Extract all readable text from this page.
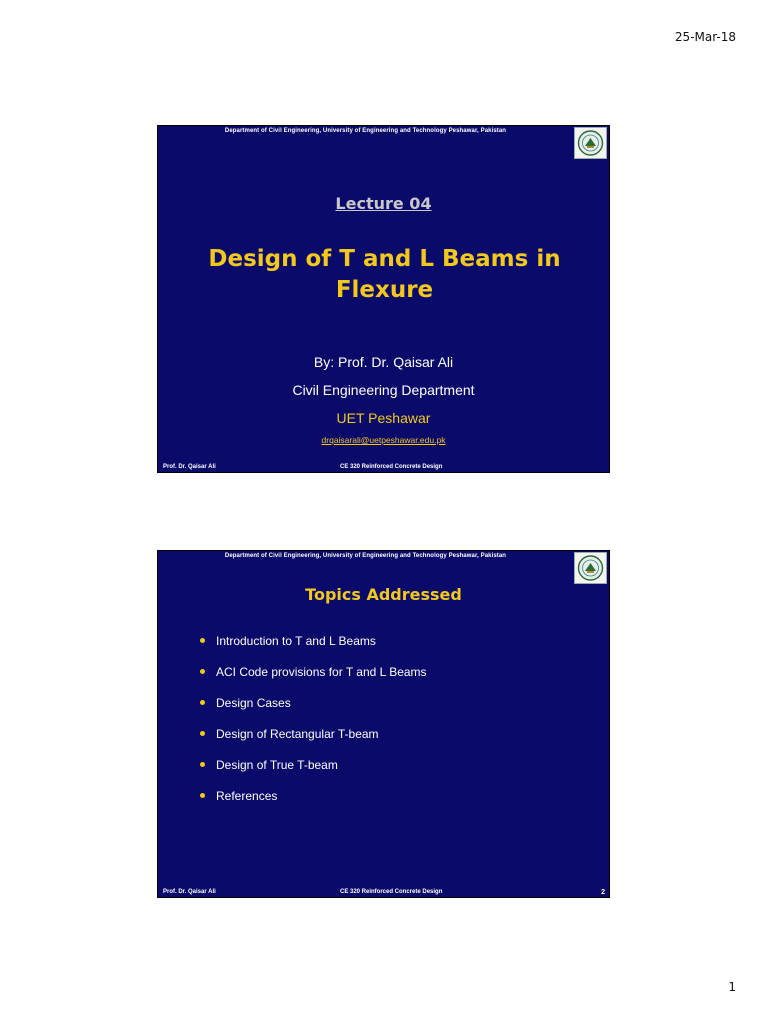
25-Mar-18
Department of Civil Engineering, University of Engineering and Technology Peshawar, Pakistan
Lecture 04
Design of T and L Beams in Flexure
By: Prof. Dr. Qaisar Ali
Civil Engineering Department
UET Peshawar
drqaisarali@uetpeshawar.edu.pk
Prof. Dr. Qaisar Ali	CE 320 Reinforced Concrete Design
Department of Civil Engineering, University of Engineering and Technology Peshawar, Pakistan
Topics Addressed
Introduction to T and L Beams
ACI Code provisions for T and L Beams
Design Cases
Design of Rectangular T-beam
Design of True T-beam
References
Prof. Dr. Qaisar Ali	CE 320 Reinforced Concrete Design	2
1
